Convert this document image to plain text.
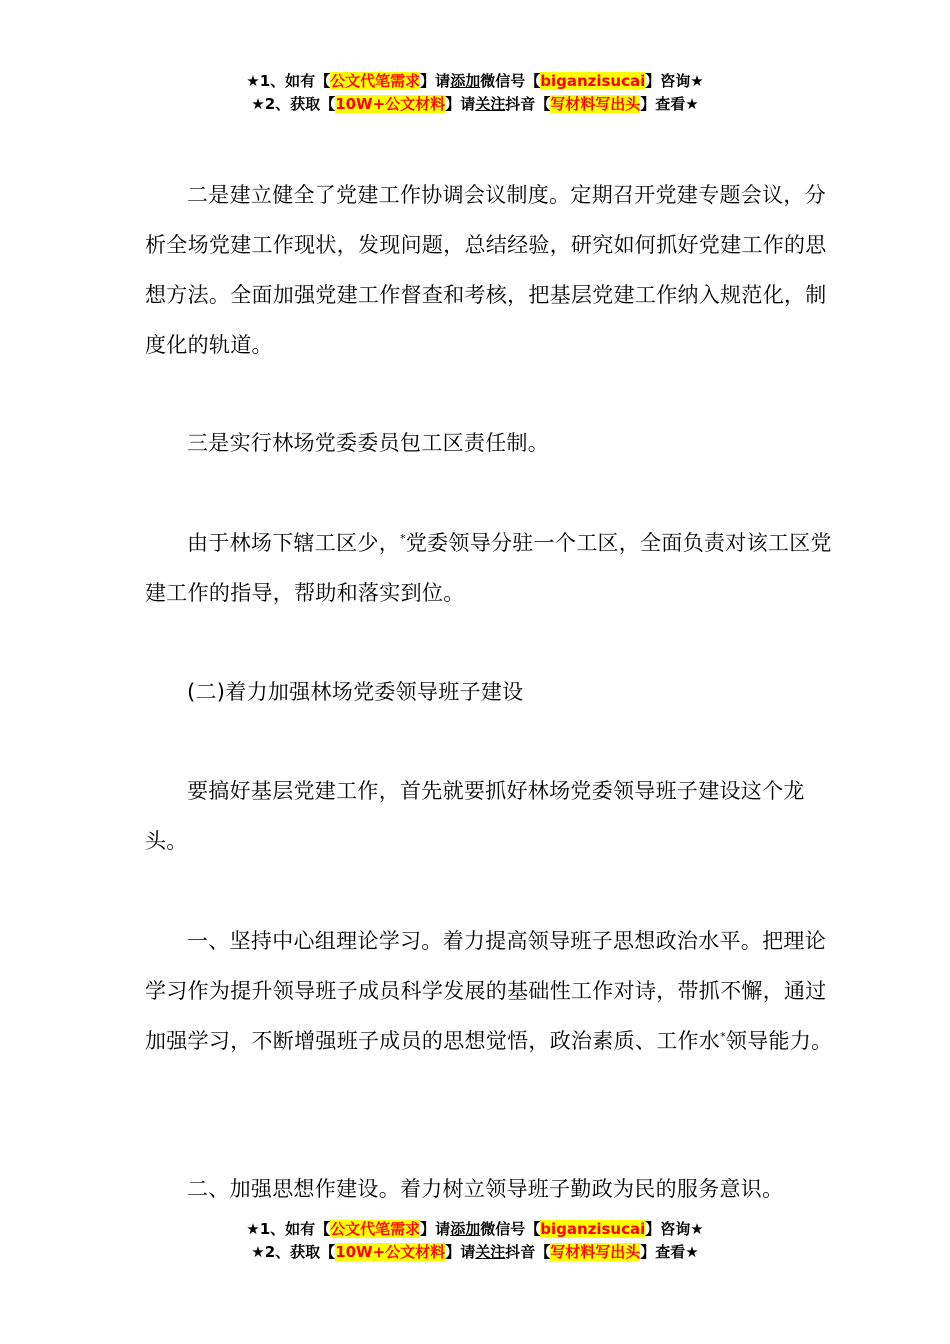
★1、如有【公文代笔需求】请添加微信号【biganzisucai】咨询★
★2、获取【10W+公文材料】请关注抖音【写材料写出头】查看★

二是建立健全了党建工作协调会议制度。定期召开党建专题会议，分析全场党建工作现状，发现问题，总结经验，研究如何抓好党建工作的思想方法。全面加强党建工作督查和考核，把基层党建工作纳入规范化，制度化的轨道。

三是实行林场党委委员包工区责任制。

由于林场下辖工区少，*党委领导分驻一个工区，全面负责对该工区党建工作的指导，帮助和落实到位。

(二)着力加强林场党委领导班子建设

要搞好基层党建工作，首先就要抓好林场党委领导班子建设这个龙头。

一、坚持中心组理论学习。着力提高领导班子思想政治水平。把理论学习作为提升领导班子成员科学发展的基础性工作对诗，带抓不懈，通过加强学习，不断增强班子成员的思想觉悟，政治素质、工作水*领导能力。

二、加强思想作建设。着力树立领导班子勤政为民的服务意识。

★1、如有【公文代笔需求】请添加微信号【biganzisucai】咨询★
★2、获取【10W+公文材料】请关注抖音【写材料写出头】查看★
